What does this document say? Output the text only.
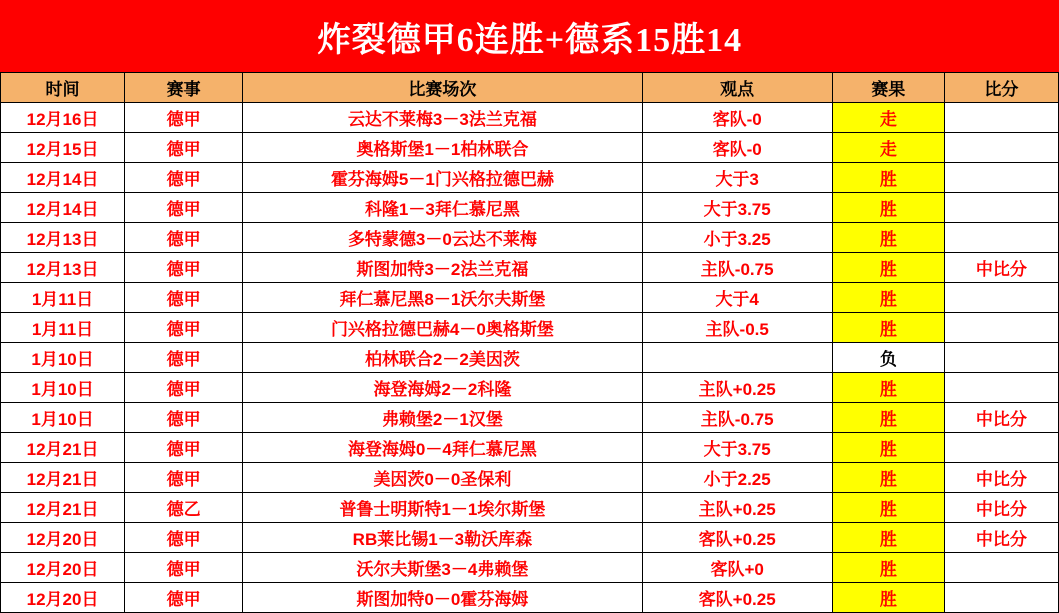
炸裂德甲6连胜+德系15胜14
时间	赛事	比赛场次	观点	赛果	比分
12月16日	德甲	云达不莱梅3－3法兰克福	客队-0	走	
12月15日	德甲	奥格斯堡1－1柏林联合	客队-0	走	
12月14日	德甲	霍芬海姆5－1门兴格拉德巴赫	大于3	胜	
12月14日	德甲	科隆1－3拜仁慕尼黑	大于3.75	胜	
12月13日	德甲	多特蒙德3－0云达不莱梅	小于3.25	胜	
12月13日	德甲	斯图加特3－2法兰克福	主队-0.75	胜	中比分
1月11日	德甲	拜仁慕尼黑8－1沃尔夫斯堡	大于4	胜	
1月11日	德甲	门兴格拉德巴赫4－0奥格斯堡	主队-0.5	胜	
1月10日	德甲	柏林联合2－2美因茨		负	
1月10日	德甲	海登海姆2－2科隆	主队+0.25	胜	
1月10日	德甲	弗赖堡2－1汉堡	主队-0.75	胜	中比分
12月21日	德甲	海登海姆0－4拜仁慕尼黑	大于3.75	胜	
12月21日	德甲	美因茨0－0圣保利	小于2.25	胜	中比分
12月21日	德乙	普鲁士明斯特1－1埃尔斯堡	主队+0.25	胜	中比分
12月20日	德甲	RB莱比锡1－3勒沃库森	客队+0.25	胜	中比分
12月20日	德甲	沃尔夫斯堡3－4弗赖堡	客队+0	胜	
12月20日	德甲	斯图加特0－0霍芬海姆	客队+0.25	胜	
